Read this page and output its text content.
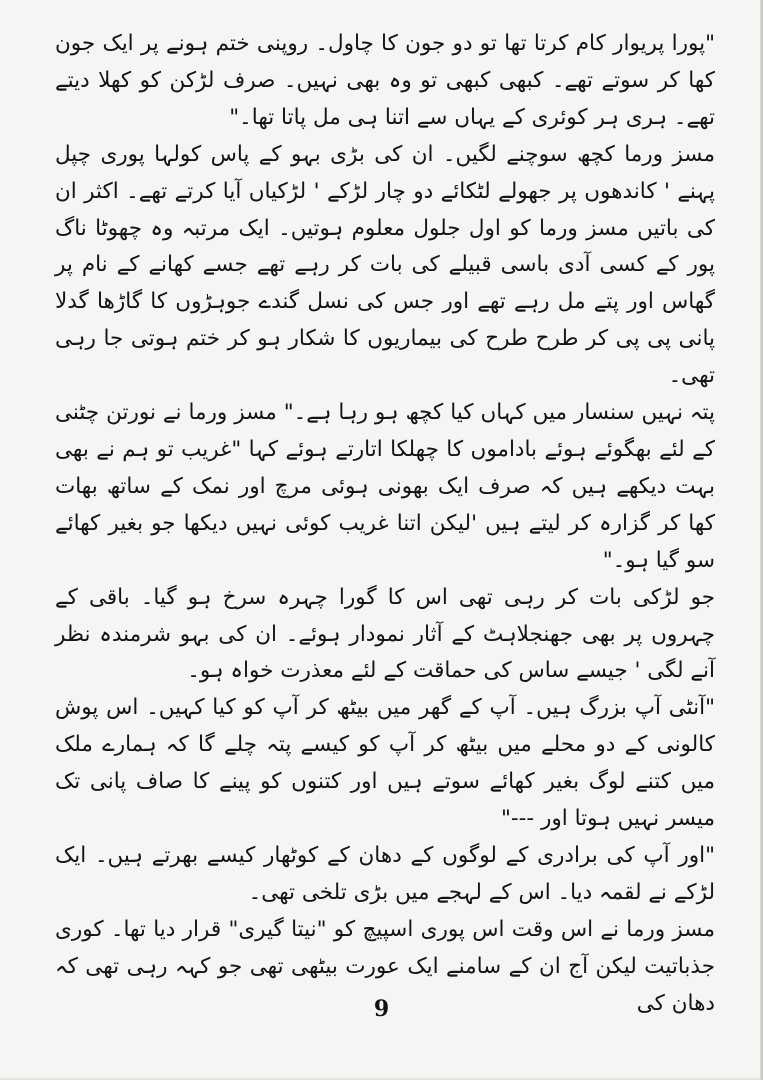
"پورا پریوار کام کرتا تھا تو دو جون کا چاول۔ روپنی ختم ہونے پر ایک جون کھا کر سوتے تھے۔ کبھی کبھی تو وہ بھی نہیں۔ صرف لڑکن کو کھلا دیتے تھے۔ ہری ہر کوئری کے یہاں سے اتنا ہی مل پاتا تھا۔"

مسز ورما کچھ سوچنے لگیں۔ ان کی بڑی بہو کے پاس کولہا پوری چپل پہنے ' کاندھوں پر جھولے لٹکائے دو چار لڑکے ' لڑکیاں آیا کرتے تھے۔ اکثر ان کی باتیں مسز ورما کو اول جلول معلوم ہوتیں۔ ایک مرتبہ وہ چھوٹا ناگ پور کے کسی آدی باسی قبیلے کی بات کر رہے تھے جسے کھانے کے نام پر گھاس اور پتے مل رہے تھے اور جس کی نسل گندے جوہڑوں کا گاڑھا گدلا پانی پی پی کر طرح طرح کی بیماریوں کا شکار ہو کر ختم ہوتی جا رہی تھی۔

پتہ نہیں سنسار میں کہاں کیا کچھ ہو رہا ہے۔" مسز ورما نے نورتن چٹنی کے لئے بھگوئے ہوئے باداموں کا چھلکا اتارتے ہوئے کہا "غریب تو ہم نے بھی بہت دیکھے ہیں کہ صرف ایک بھونی ہوئی مرچ اور نمک کے ساتھ بھات کھا کر گزارہ کر لیتے ہیں 'لیکن اتنا غریب کوئی نہیں دیکھا جو بغیر کھائے سو گیا ہو۔"

جو لڑکی بات کر رہی تھی اس کا گورا چہرہ سرخ ہو گیا۔ باقی کے چہروں پر بھی جھنجلاہٹ کے آثار نمودار ہوئے۔ ان کی بہو شرمندہ نظر آنے لگی ' جیسے ساس کی حماقت کے لئے معذرت خواہ ہو۔

"آنٹی آپ بزرگ ہیں۔ آپ کے گھر میں بیٹھ کر آپ کو کیا کہیں۔ اس پوش کالونی کے دو محلے میں بیٹھ کر آپ کو کیسے پتہ چلے گا کہ ہمارے ملک میں کتنے لوگ بغیر کھائے سوتے ہیں اور کتنوں کو پینے کا صاف پانی تک میسر نہیں ہوتا اور ---"

"اور آپ کی برادری کے لوگوں کے دھان کے کوٹھار کیسے بھرتے ہیں۔ ایک لڑکے نے لقمہ دیا۔ اس کے لہجے میں بڑی تلخی تھی۔

مسز ورما نے اس وقت اس پوری اسپیچ کو "نیتا گیری" قرار دیا تھا۔ کوری جذباتیت لیکن آج ان کے سامنے ایک عورت بیٹھی تھی جو کہہ رہی تھی کہ دھان کی

9
